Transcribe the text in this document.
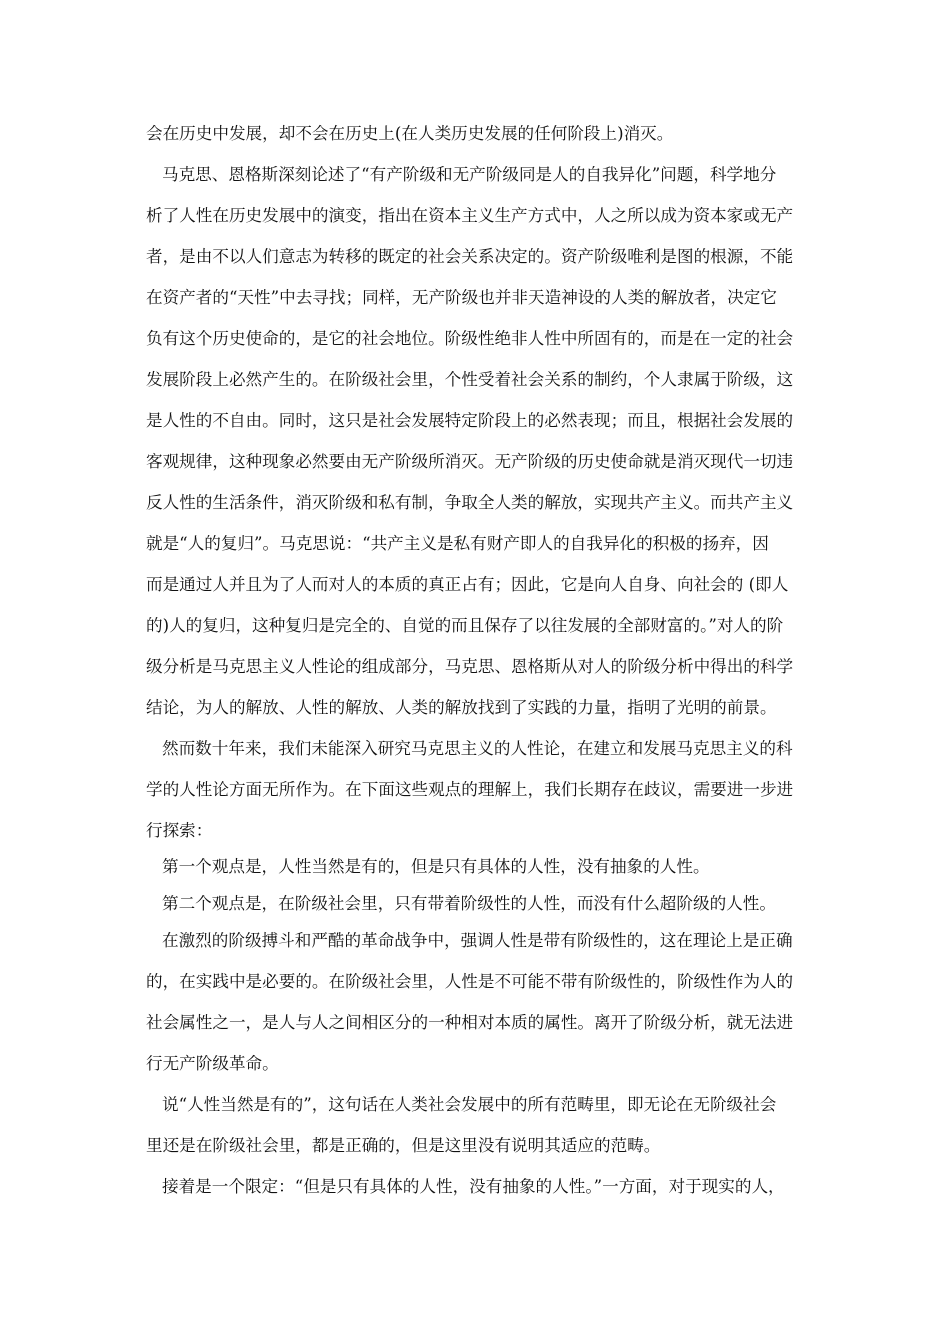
会在历史中发展，却不会在历史上(在人类历史发展的任何阶段上)消灭。
马克思、恩格斯深刻论述了“有产阶级和无产阶级同是人的自我异化”问题，科学地分
析了人性在历史发展中的演变，指出在资本主义生产方式中，人之所以成为资本家或无产
者，是由不以人们意志为转移的既定的社会关系决定的。资产阶级唯利是图的根源，不能
在资产者的“天性”中去寻找；同样，无产阶级也并非天造神设的人类的解放者，决定它
负有这个历史使命的，是它的社会地位。阶级性绝非人性中所固有的，而是在一定的社会
发展阶段上必然产生的。在阶级社会里，个性受着社会关系的制约，个人隶属于阶级，这
是人性的不自由。同时，这只是社会发展特定阶段上的必然表现；而且，根据社会发展的
客观规律，这种现象必然要由无产阶级所消灭。无产阶级的历史使命就是消灭现代一切违
反人性的生活条件，消灭阶级和私有制，争取全人类的解放，实现共产主义。而共产主义
就是“人的复归”。马克思说：“共产主义是私有财产即人的自我异化的积极的扬弃，因
而是通过人并且为了人而对人的本质的真正占有；因此，它是向人自身、向社会的 (即人
的)人的复归，这种复归是完全的、自觉的而且保存了以往发展的全部财富的。”对人的阶
级分析是马克思主义人性论的组成部分，马克思、恩格斯从对人的阶级分析中得出的科学
结论，为人的解放、人性的解放、人类的解放找到了实践的力量，指明了光明的前景。
然而数十年来，我们未能深入研究马克思主义的人性论，在建立和发展马克思主义的科
学的人性论方面无所作为。在下面这些观点的理解上，我们长期存在歧议，需要进一步进
行探索：
第一个观点是，人性当然是有的，但是只有具体的人性，没有抽象的人性。
第二个观点是，在阶级社会里，只有带着阶级性的人性，而没有什么超阶级的人性。
在激烈的阶级搏斗和严酷的革命战争中，强调人性是带有阶级性的，这在理论上是正确
的，在实践中是必要的。在阶级社会里，人性是不可能不带有阶级性的，阶级性作为人的
社会属性之一，是人与人之间相区分的一种相对本质的属性。离开了阶级分析，就无法进
行无产阶级革命。
说“人性当然是有的”，这句话在人类社会发展中的所有范畴里，即无论在无阶级社会
里还是在阶级社会里，都是正确的，但是这里没有说明其适应的范畴。
接着是一个限定：“但是只有具体的人性，没有抽象的人性。”一方面，对于现实的人，
